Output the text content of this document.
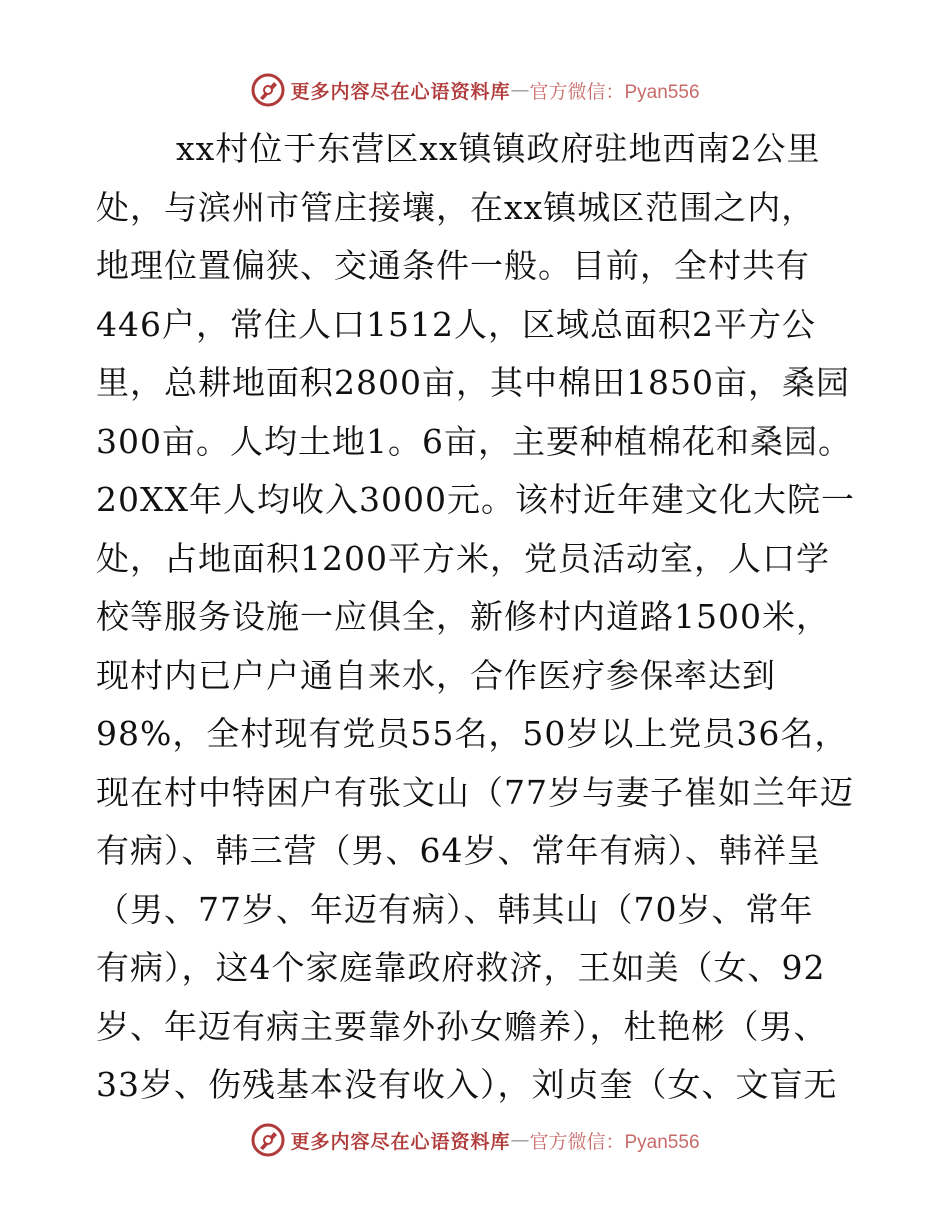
更多内容尽在心语资料库 — 官方微信：Pyan556
xx村位于东营区xx镇镇政府驻地西南2公里
处，与滨州市管庄接壤，在xx镇城区范围之内，
地理位置偏狭、交通条件一般。目前，全村共有
446户，常住人口1512人，区域总面积2平方公
里，总耕地面积2800亩，其中棉田1850亩，桑园
300亩。人均土地1。6亩，主要种植棉花和桑园。
20XX年人均收入3000元。该村近年建文化大院一
处，占地面积1200平方米，党员活动室，人口学
校等服务设施一应俱全，新修村内道路1500米，
现村内已户户通自来水，合作医疗参保率达到
98%，全村现有党员55名，50岁以上党员36名，
现在村中特困户有张文山（77岁与妻子崔如兰年迈
有病）、韩三营（男、64岁、常年有病）、韩祥呈
（男、77岁、年迈有病）、韩其山（70岁、常年
有病），这4个家庭靠政府救济，王如美（女、92
岁、年迈有病主要靠外孙女赡养），杜艳彬（男、
33岁、伤残基本没有收入），刘贞奎（女、文盲无
更多内容尽在心语资料库 — 官方微信：Pyan556
